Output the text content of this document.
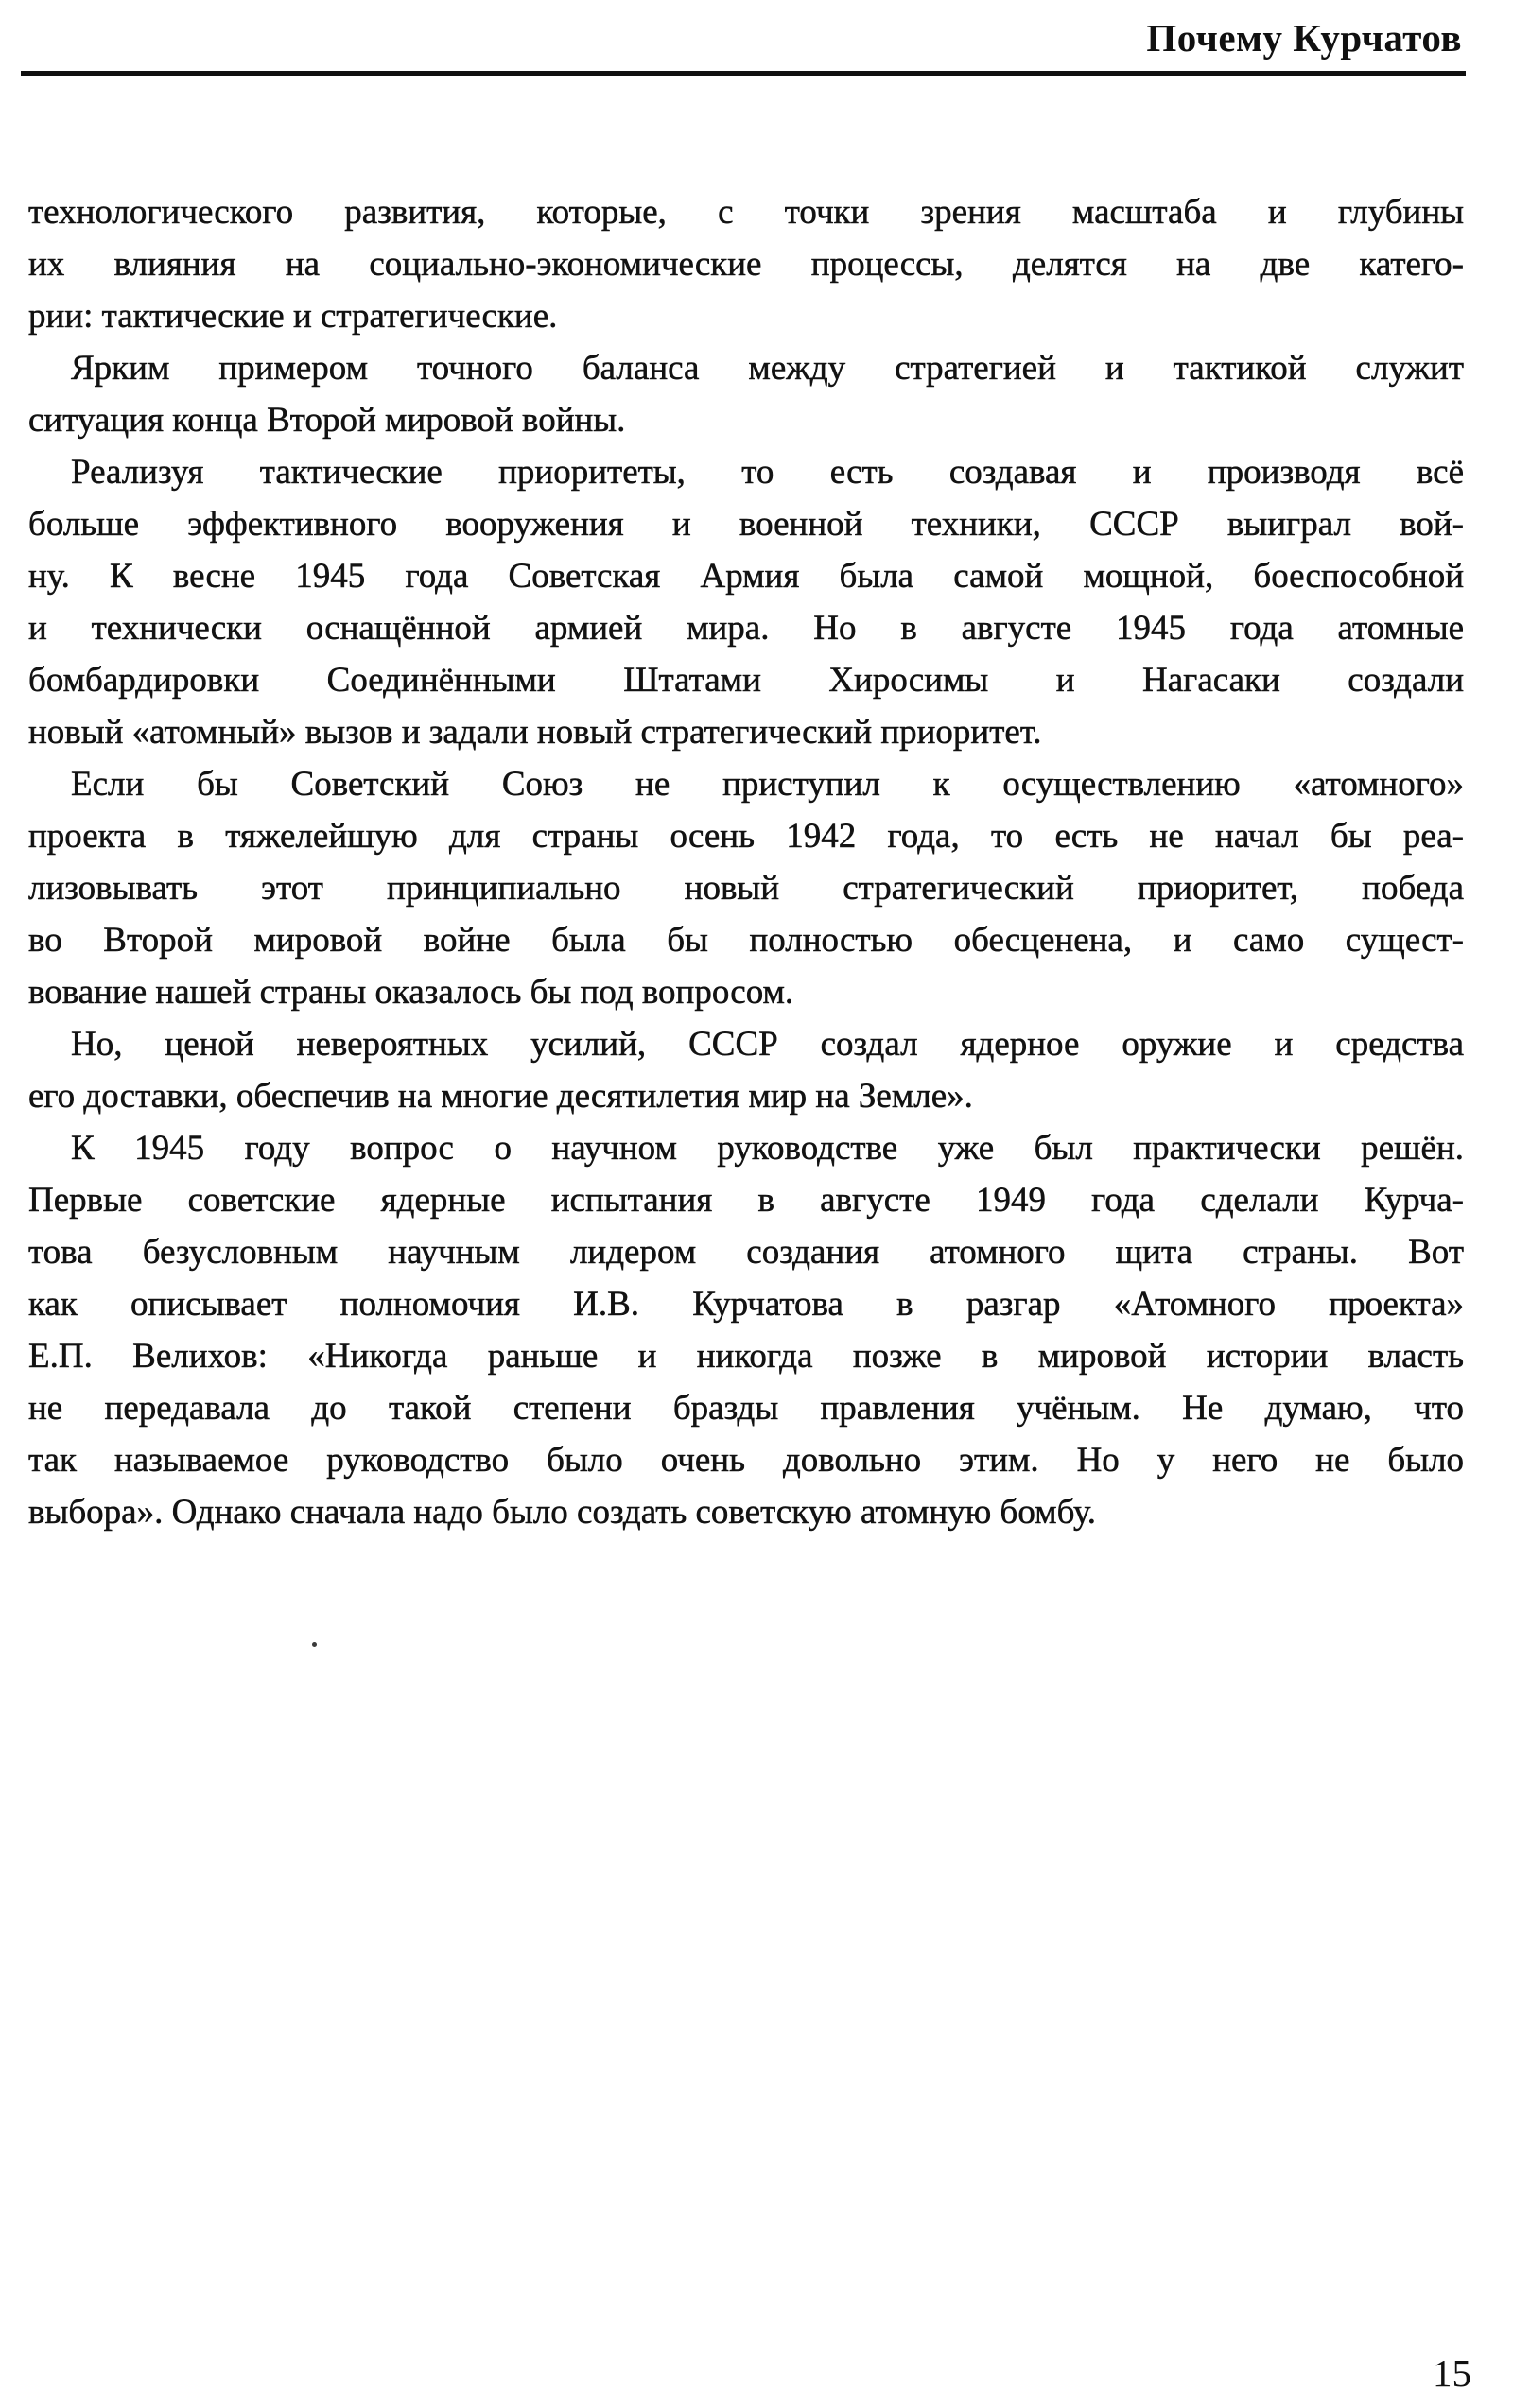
Почему Курчатов
технологического развития, которые, с точки зрения масштаба и глубины
их влияния на социально-экономические процессы, делятся на две катего-
рии: тактические и стратегические.
Ярким примером точного баланса между стратегией и тактикой служит
ситуация конца Второй мировой войны.
Реализуя тактические приоритеты, то есть создавая и производя всё
больше эффективного вооружения и военной техники, СССР выиграл вой-
ну. К весне 1945 года Советская Армия была самой мощной, боеспособной
и технически оснащённой армией мира. Но в августе 1945 года атомные
бомбардировки Соединёнными Штатами Хиросимы и Нагасаки создали
новый «атомный» вызов и задали новый стратегический приоритет.
Если бы Советский Союз не приступил к осуществлению «атомного»
проекта в тяжелейшую для страны осень 1942 года, то есть не начал бы реа-
лизовывать этот принципиально новый стратегический приоритет, победа
во Второй мировой войне была бы полностью обесценена, и само сущест-
вование нашей страны оказалось бы под вопросом.
Но, ценой невероятных усилий, СССР создал ядерное оружие и средства
его доставки, обеспечив на многие десятилетия мир на Земле».
К 1945 году вопрос о научном руководстве уже был практически решён.
Первые советские ядерные испытания в августе 1949 года сделали Курча-
това безусловным научным лидером создания атомного щита страны. Вот
как описывает полномочия И.В. Курчатова в разгар «Атомного проекта»
Е.П. Велихов: «Никогда раньше и никогда позже в мировой истории власть
не передавала до такой степени бразды правления учёным. Не думаю, что
так называемое руководство было очень довольно этим. Но у него не было
выбора». Однако сначала надо было создать советскую атомную бомбу.
15
